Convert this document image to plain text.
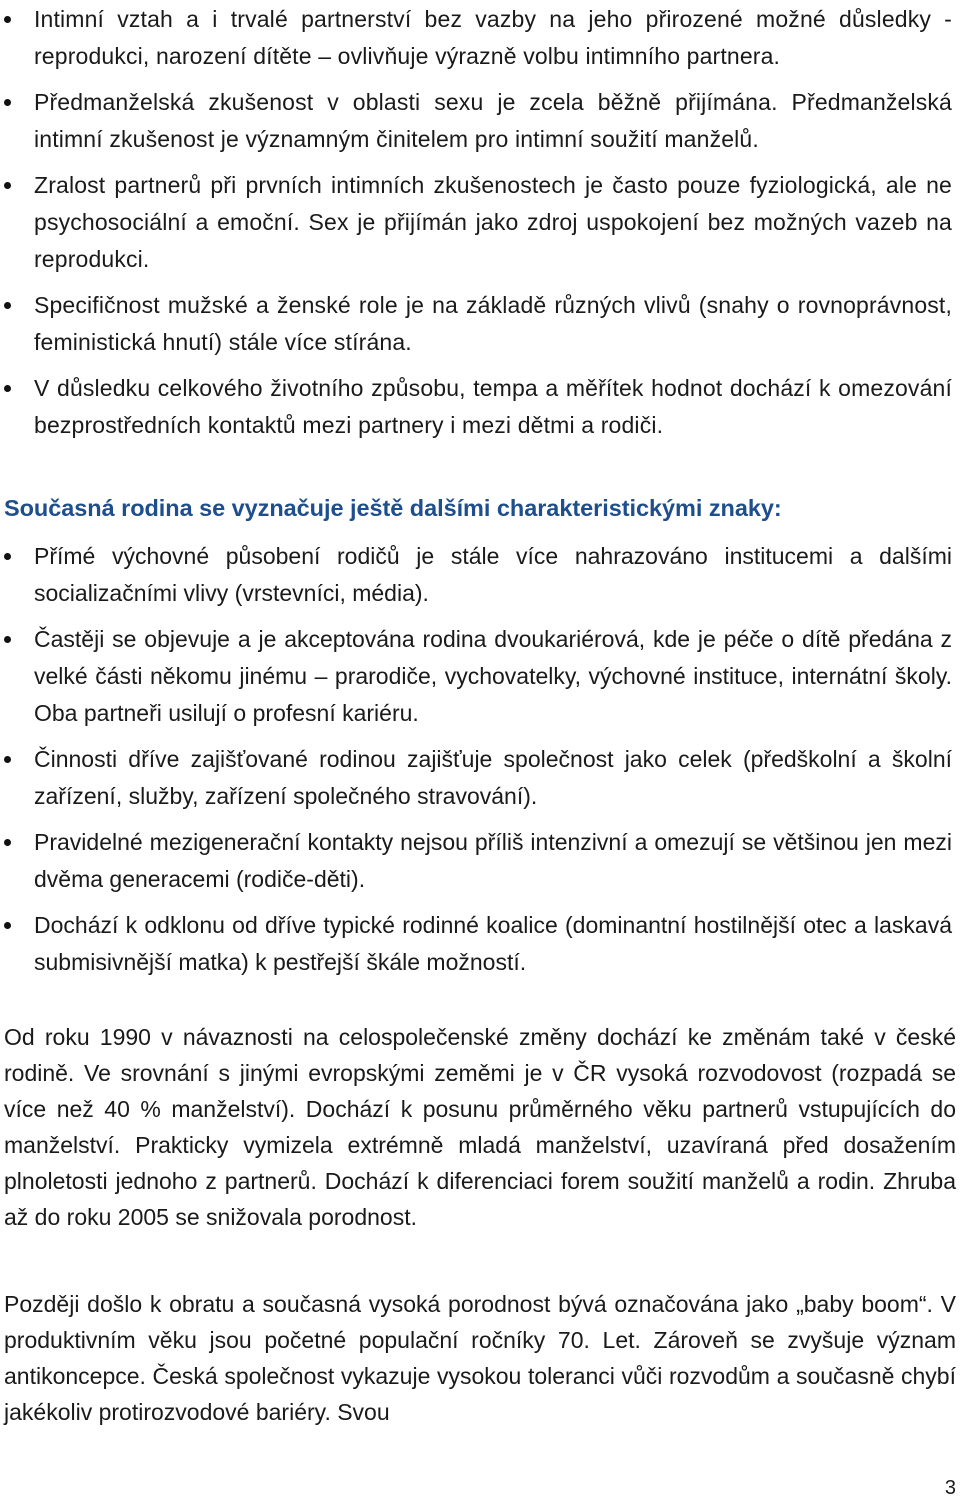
Intimní vztah a i trvalé partnerství bez vazby na jeho přirozené možné důsledky - reprodukci, narození dítěte – ovlivňuje výrazně volbu intimního partnera.
Předmanželská zkušenost v oblasti sexu je zcela běžně přijímána. Předmanželská intimní zkušenost je významným činitelem pro intimní soužití manželů.
Zralost partnerů při prvních intimních zkušenostech je často pouze fyziologická, ale ne psychosociální a emoční. Sex je přijímán jako zdroj uspokojení bez možných vazeb na reprodukci.
Specifičnost mužské a ženské role je na základě různých vlivů (snahy o rovnoprávnost, feministická hnutí) stále více stírána.
V důsledku celkového životního způsobu, tempa a měřítek hodnot dochází k omezování bezprostředních kontaktů mezi partnery i mezi dětmi a rodiči.
Současná rodina se vyznačuje ještě dalšími charakteristickými znaky:
Přímé výchovné působení rodičů je stále více nahrazováno institucemi a dalšími socializačními vlivy (vrstevníci, média).
Častěji se objevuje a je akceptována rodina dvoukariérová, kde je péče o dítě předána z velké části někomu jinému – prarodiče, vychovatelky, výchovné instituce, internátní školy. Oba partneři usilují o profesní kariéru.
Činnosti dříve zajišťované rodinou zajišťuje společnost jako celek (předškolní a školní zařízení, služby, zařízení společného stravování).
Pravidelné mezigenerační kontakty nejsou příliš intenzivní a omezují se většinou jen mezi dvěma generacemi (rodiče-děti).
Dochází k odklonu od dříve typické rodinné koalice (dominantní hostilnější otec a laskavá submisivnější matka) k pestřejší škále možností.

Od roku 1990 v návaznosti na celospolečenské změny dochází ke změnám také v české rodině. Ve srovnání s jinými evropskými zeměmi je v ČR vysoká rozvodovost (rozpadá se více než 40 % manželství). Dochází k posunu průměrného věku partnerů vstupujících do manželství. Prakticky vymizela extrémně mladá manželství, uzavíraná před dosažením plnoletosti jednoho z partnerů. Dochází k diferenciaci forem soužití manželů a rodin. Zhruba až do roku 2005 se snižovala porodnost.

Později došlo k obratu a současná vysoká porodnost bývá označována jako „baby boom“. V produktivním věku jsou početné populační ročníky 70. Let. Zároveň se zvyšuje význam antikoncepce. Česká společnost vykazuje vysokou toleranci vůči rozvodům a současně chybí jakékoliv protirozvodové bariéry. Svou

3
